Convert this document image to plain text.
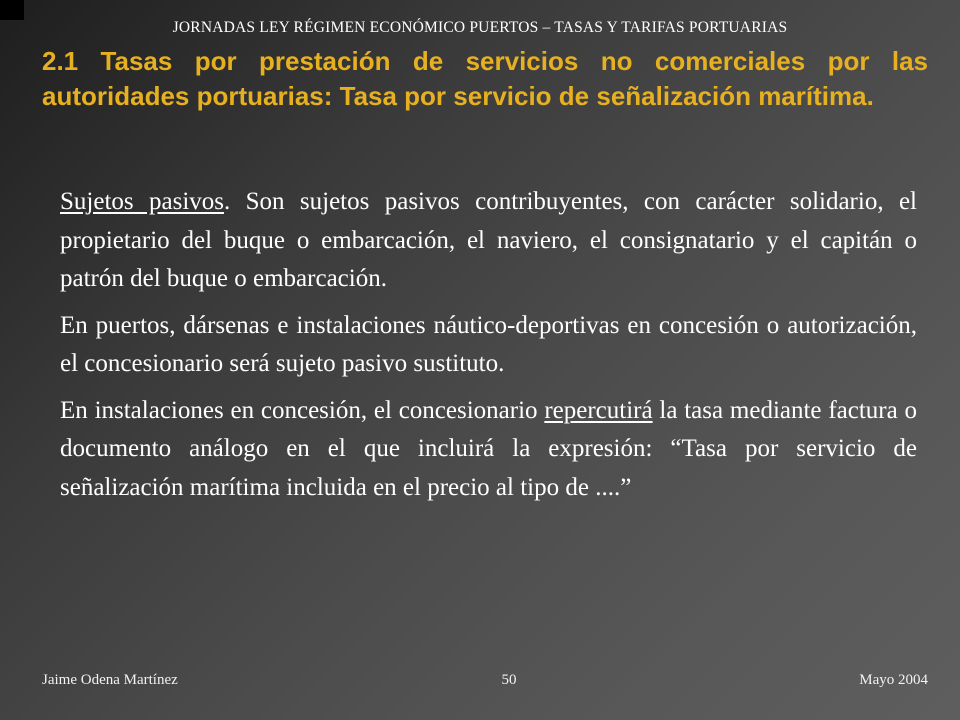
JORNADAS LEY RÉGIMEN ECONÓMICO PUERTOS – TASAS Y TARIFAS PORTUARIAS
2.1 Tasas por prestación de servicios no comerciales por las autoridades portuarias: Tasa por servicio de señalización marítima.

Sujetos pasivos. Son sujetos pasivos contribuyentes, con carácter solidario, el propietario del buque o embarcación, el naviero, el consignatario y el capitán o patrón del buque o embarcación.

En puertos, dársenas e instalaciones náutico-deportivas en concesión o autorización, el concesionario será sujeto pasivo sustituto.

En instalaciones en concesión, el concesionario repercutirá la tasa mediante factura o documento análogo en el que incluirá la expresión: “Tasa por servicio de señalización marítima incluida en el precio al tipo de ....”

Jaime Odena Martínez	50	Mayo 2004
